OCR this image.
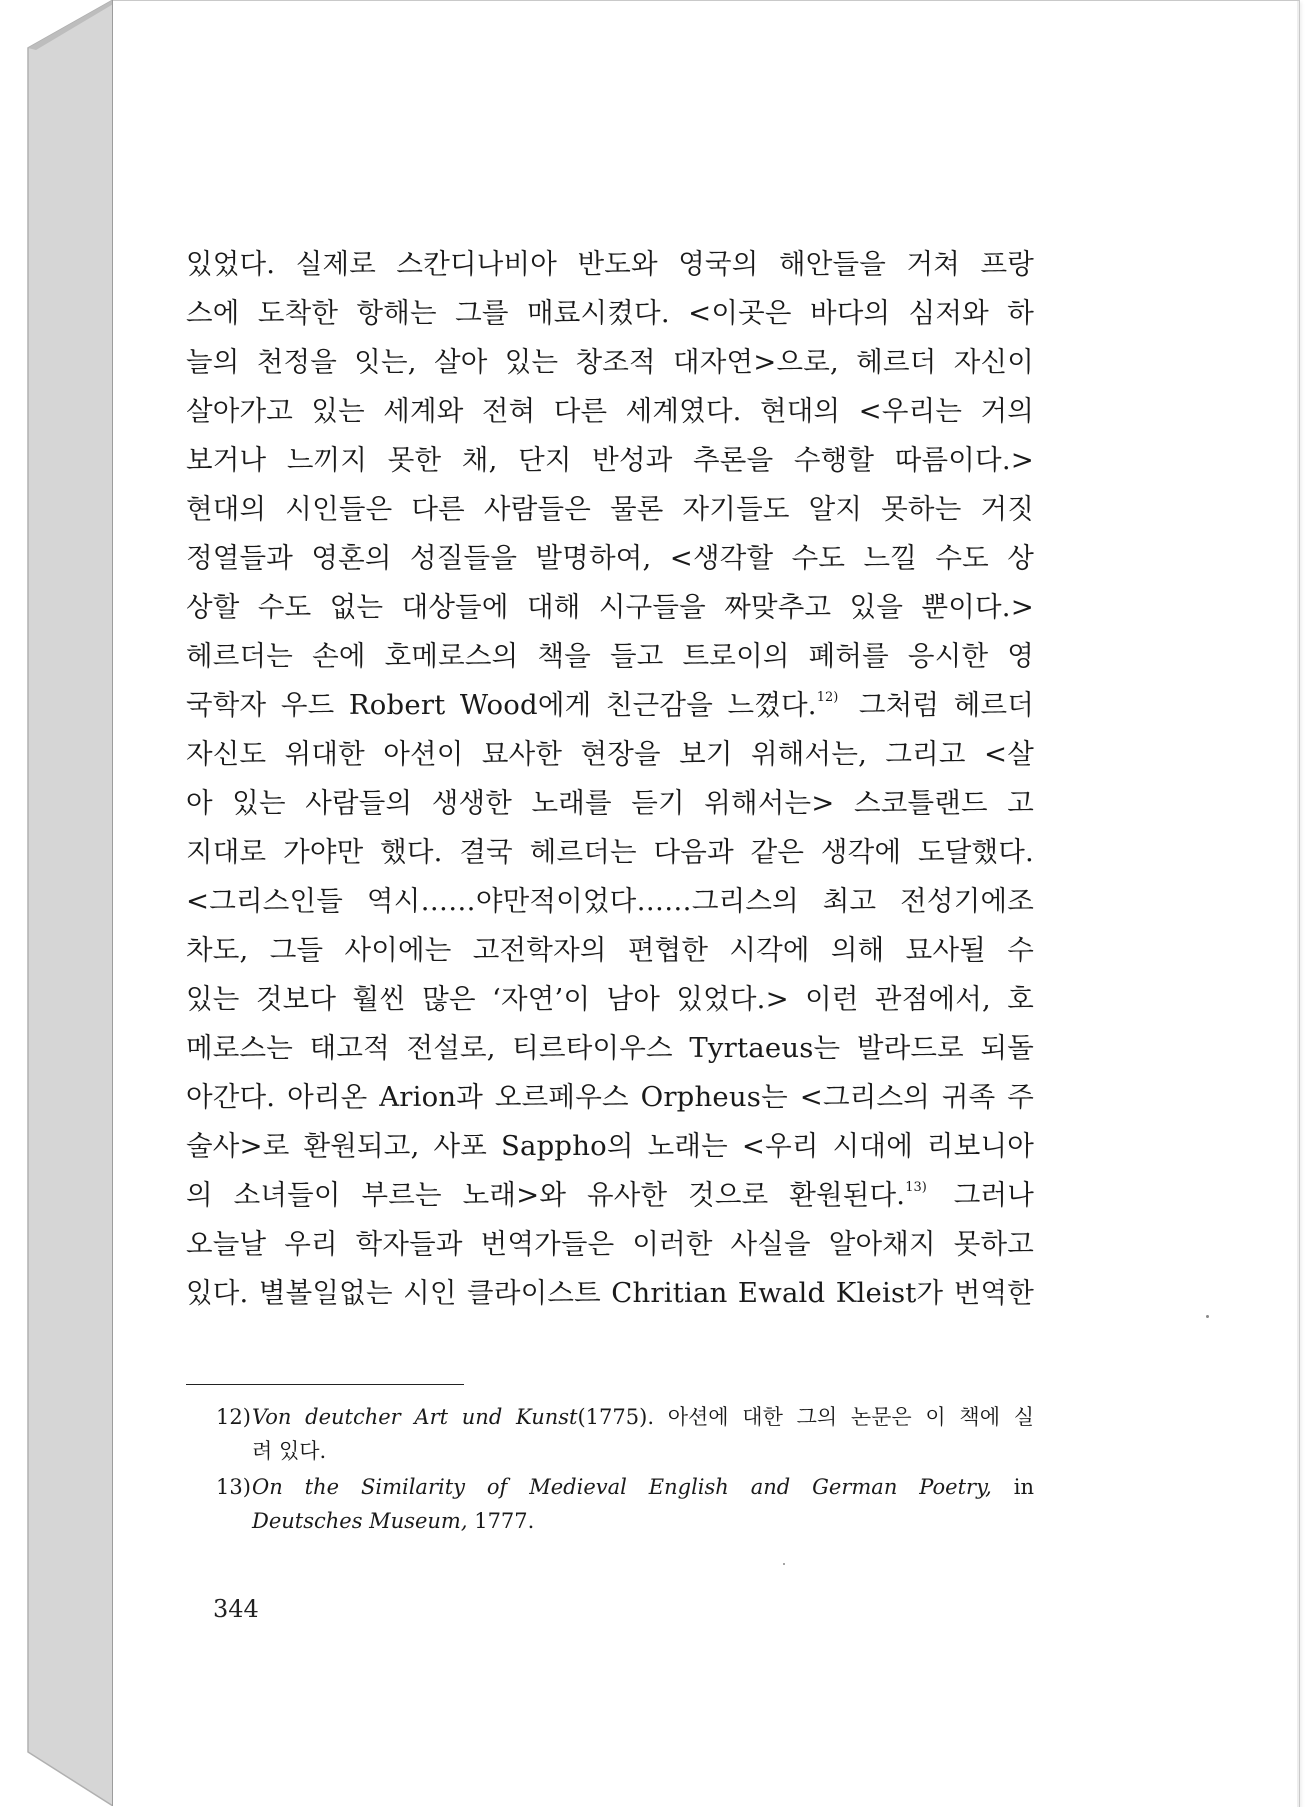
있었다. 실제로 스칸디나비아 반도와 영국의 해안들을 거쳐 프랑
스에 도착한 항해는 그를 매료시켰다. <이곳은 바다의 심저와 하
늘의 천정을 잇는, 살아 있는 창조적 대자연>으로, 헤르더 자신이
살아가고 있는 세계와 전혀 다른 세계였다. 현대의 <우리는 거의
보거나 느끼지 못한 채, 단지 반성과 추론을 수행할 따름이다.>
현대의 시인들은 다른 사람들은 물론 자기들도 알지 못하는 거짓
정열들과 영혼의 성질들을 발명하여, <생각할 수도 느낄 수도 상
상할 수도 없는 대상들에 대해 시구들을 짜맞추고 있을 뿐이다.>
헤르더는 손에 호메로스의 책을 들고 트로이의 폐허를 응시한 영
국학자 우드 Robert Wood에게 친근감을 느꼈다.$^{12)}$ 그처럼 헤르더
자신도 위대한 아션이 묘사한 현장을 보기 위해서는, 그리고 <살
아 있는 사람들의 생생한 노래를 듣기 위해서는> 스코틀랜드 고
지대로 가야만 했다. 결국 헤르더는 다음과 같은 생각에 도달했다.
<그리스인들 역시……야만적이었다……그리스의 최고 전성기에조
차도, 그들 사이에는 고전학자의 편협한 시각에 의해 묘사될 수
있는 것보다 훨씬 많은 ‘자연’이 남아 있었다.> 이런 관점에서, 호
메로스는 태고적 전설로, 티르타이우스 Tyrtaeus는 발라드로 되돌
아간다. 아리온 Arion과 오르페우스 Orpheus는 <그리스의 귀족 주
술사>로 환원되고, 사포 Sappho의 노래는 <우리 시대에 리보니아
의 소녀들이 부르는 노래>와 유사한 것으로 환원된다.$^{13)}$ 그러나
오늘날 우리 학자들과 번역가들은 이러한 사실을 알아채지 못하고
있다. 별볼일없는 시인 클라이스트 Chritian Ewald Kleist가 번역한
12) Von deutcher Art und Kunst(1775). 아션에 대한 그의 논문은 이 책에 실
려 있다.
13) On the Similarity of Medieval English and German Poetry, in
Deutsches Museum, 1777.
344
